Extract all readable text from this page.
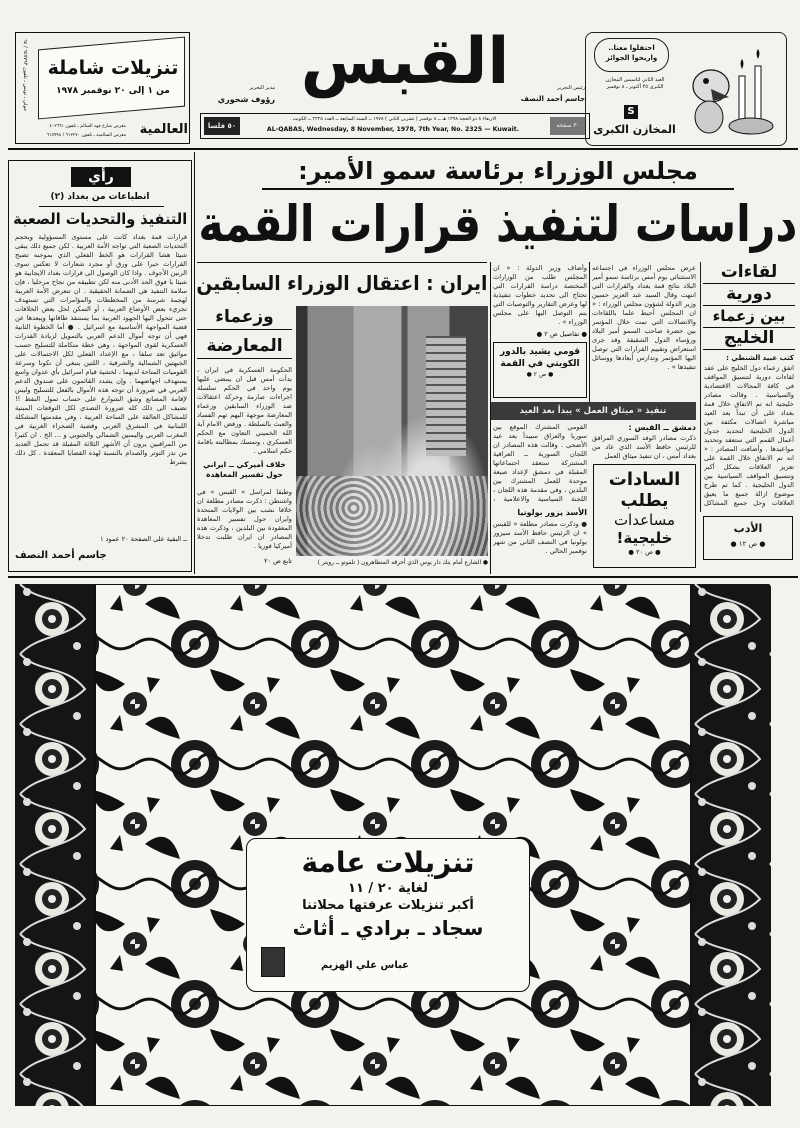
حولي ـ تونس ـ تلفون ٦٤٧٧٩٣ / ٦٤ تنزيلات شاملة
من ١ إلى ٢٠ نوفمبر ١٩٧٨
العالمية
معرض شارع فهد السالم ـ تلفون ٤٠٢٦٦١
معرض السالمية ـ تلفون ٦١٢٢٧٠ / ٦١٥٩٩٨
مدير التحرير
رؤوف شحوري
القبس	رئيس التحرير
جاسم أحمد النصف
٥٠ فلسا
الاربعاء ٨ ذو الحجة ١٣٩٨ هـ ــ ٨ نوفمبر ( تشرين الثاني ) ١٩٧٨ ــ السنة السابعة ــ العدد ٢٣٢٥ ــ الكويت .
AL-QABAS, Wednesday, 8 November, 1978, 7th Year, No. 2325 — Kuwait.
٣٠ صفحة
احتفلوا معنا.. واربحوا الجوائز
العيد الثاني لتأسيس المخازن الكبرى ٢٥ أكتوبر ـ ٨ نوفمبر
S
المخازن الكبرى
رأي
انطباعات من بغداد (٢)
التنفيذ والتحديات الصعبة
قرارات قمة بغداد كانت على مستوى المسؤولية وبحجم التحديات الصعبة التي تواجه الأمة العربية . لكن جميع ذلك يبقى شيئا هشا القرارات هو الخط الفعلي الذي بموجبه تصبح القرارات حبرا على ورق أو مجرد شعارات لا تعكس سوى الرنين الأجوف . واذا كان الوصول الى قرارات بغداد الايجابية هو شيئا يا فوق الحد الأدنى منه لكن تطبيقه من نجاح مرحليا ، فإن سلامة التنفيذ هي الضمانة الحقيقية . ان تتعرض الأمة العربية لهجمة شرسة من المخططات والمؤامرات التي تستهدف تجزيء بعض الأوضاع العربية ، أو التمكن لحل بعض الخلافات حتى تتحول اليها الجهود العربية بما يستنفذ طاقاتها ويبعدها عن قضية المواجهة الأساسية مع اسرائيل . ● أما الخطوة الثانية فهي أن توجه أموال الدعم العربي بالتمويل لزيادة القدرات العسكرية لقوى المواجهة ، وهي خطة متكاملة للتسليح حسب مواثيق تعد سلفا ، مع الإعداد الفعلي لكل الاحتمالات على الجبهتين الشمالية والشرقية ، اللتين ينبغي أن تكونا وسرعة القوميات المتاحة لديهما ، لخشية قيام اسرائيل بأي عدوان واسع يستهدف اجهاضهما . وإن يشدد القائمون على صندوق الدعم العربي في ضرورة أن توجه هذه الأموال بالفعل للتسليح وليس لإقامة المصانع وشق الشوارع على حساب تمول النفط !! نضيف الى ذلك كله ضرورة التصدي لكل التوقعات المبنية للمشاكل العالقة على الساحة العربية ، وفي مقدمتها المشكلة اللبنانية في المشرق العربي وقضية الصحراء الغربية في المغرب العربي واليمنين الشمالي والجنوبي و ... الخ . ان كثيرا من المراقبين يرون أن الأشهر الثلاثة المقبلة قد تحمل العديد من نذر التوتر والصدام بالنسبة لهذه القضايا المعقدة . كل ذلك بشرط
ــ البقية على الصفحة ٢٠ عمود ١
جاسم أحمد النصف
مجلس الوزراء برئاسة سمو الأمير:
دراسات لتنفيذ قرارات القمة
لقاءات
دورية
بين زعماء
الخليج
كتب عبيد الشنطي :
اتفق زعماء دول الخليج على عقد لقاءات دورية لتنسيق المواقف في كافة المجالات الاقتصادية والسياسية . وقالت مصادر خليجية انه تم الاتفاق خلال قمة بغداد على أن تبدأ بعد العيد مباشرة اتصالات مكثفة بين الدول الخليجية لتحديد جدول أعمال القمم التي ستعقد وتحديد مواعيدها . وأضافت المصادر : « انه تم الاتفاق خلال القمة على تعزيز العلاقات بشكل أكبر وتنسيق المواقف السياسية بين الدول الخليجية . كما تم طرح موضوع ازالة جميع ما يعيق العلاقات وحل جميع المشاكل
الأدب
● ص ١٢ ●
عرض مجلس الوزراء في اجتماعه الاستثنائي يوم أمس برئاسة سمو أمير البلاد نتائج قمة بغداد والقرارات التي انتهت وقال السيد عبد العزيز حسين وزير الدولة لشؤون مجلس الوزراء : « ان المجلس أحيط علما باللقاءات والاتصالات التي تمت خلال المؤتمر بين حضرة صاحب السمو أمير البلاد ورؤساء الدول الشقيقة وقد جرى استعراض وتقييم القرارات التي توصل اليها المؤتمر وتدارس أبعادها ووسائل تنفيذها » .
وأضاف وزير الدولة : « ان المجلس طلب من الوزارات المختصة دراسة القرارات التي تحتاج الى تحديد خطوات تنفيذية لها وعرض التقارير والتوصيات التي يتم التوصل اليها على مجلس الوزراء » .
● تفاصيل ص ٢ ●
قومي يشيد بالدور الكويتي في القمة
● ص ٢ ●
تنفيذ « ميثاق العمل » يبدأ بعد العيد
دمشق ــ القبس :
ذكرت مصادر الوفد السوري المرافق للرئيس حافظ الأسد الذي عاد من بغداد أمس ، ان تنفيذ ميثاق العمل
القومي المشترك الموقع بين سوريا والعراق سيبدأ بعد عيد الأضحى . وقالت هذه المصادر ان اللجان السورية ــ العراقية المشتركة ستعقد اجتماعاتها المقبلة في دمشق لإعداد صيغة موحدة للعمل المشترك بين البلدين ، وفي مقدمة هذه اللجان ، اللجنة السياسية والاعلامية ،
الأسد يزور بولونيا
● وذكرت مصادر مطلعة « للقبس » ان الرئيس حافظ الأسد سيزور بولونيا في النصف الثاني من شهر نوفمبر الحالي .
السادات
يطلب
مساعدات
خليجية!
● ص ٢٠ ●
ايران : اعتقال الوزراء السابقين
وزعماء
المعارضة
الحكومة العسكرية في ايران ، بدأت أمس قبل ان يمضي عليها يوم واحد في الحكم سلسلة اجراءات صارمة وحركة اعتقالات ضد الوزراء السابقين وزعماء المعارضة موجهة اليهم تهم الفساد والعبث بالسلطة . ورفض الامام آية الله الخميني التعاون مع الحكم العسكري ، وتمسك بمطالبته باقامة حكم اسلامي .
خلاف أميركي ــ ايراني حول تفسير المعاهدة
وطبقا لمراسل « القبس » في واشنطن : ذكرت مصادر مطلعة ان خلافا نشب بين الولايات المتحدة وايران حول تفسير المعاهدة المعقودة بين البلدين ، وذكرت هذه المصادر ان ايران طلبت تدخلا أميركيا فوريا .
تابع ص ٢٠	● الشارع أمام بنك دار يوس الذي أحرقه المتظاهرون ( تلفوتو ــ رويتر )
تنزيلات عامة
لغاية ٢٠ / ١١
أكبر تنزيلات عرفتها محلاتنا
سجاد ـ برادي ـ أثاث
عباس علي الهزيم
